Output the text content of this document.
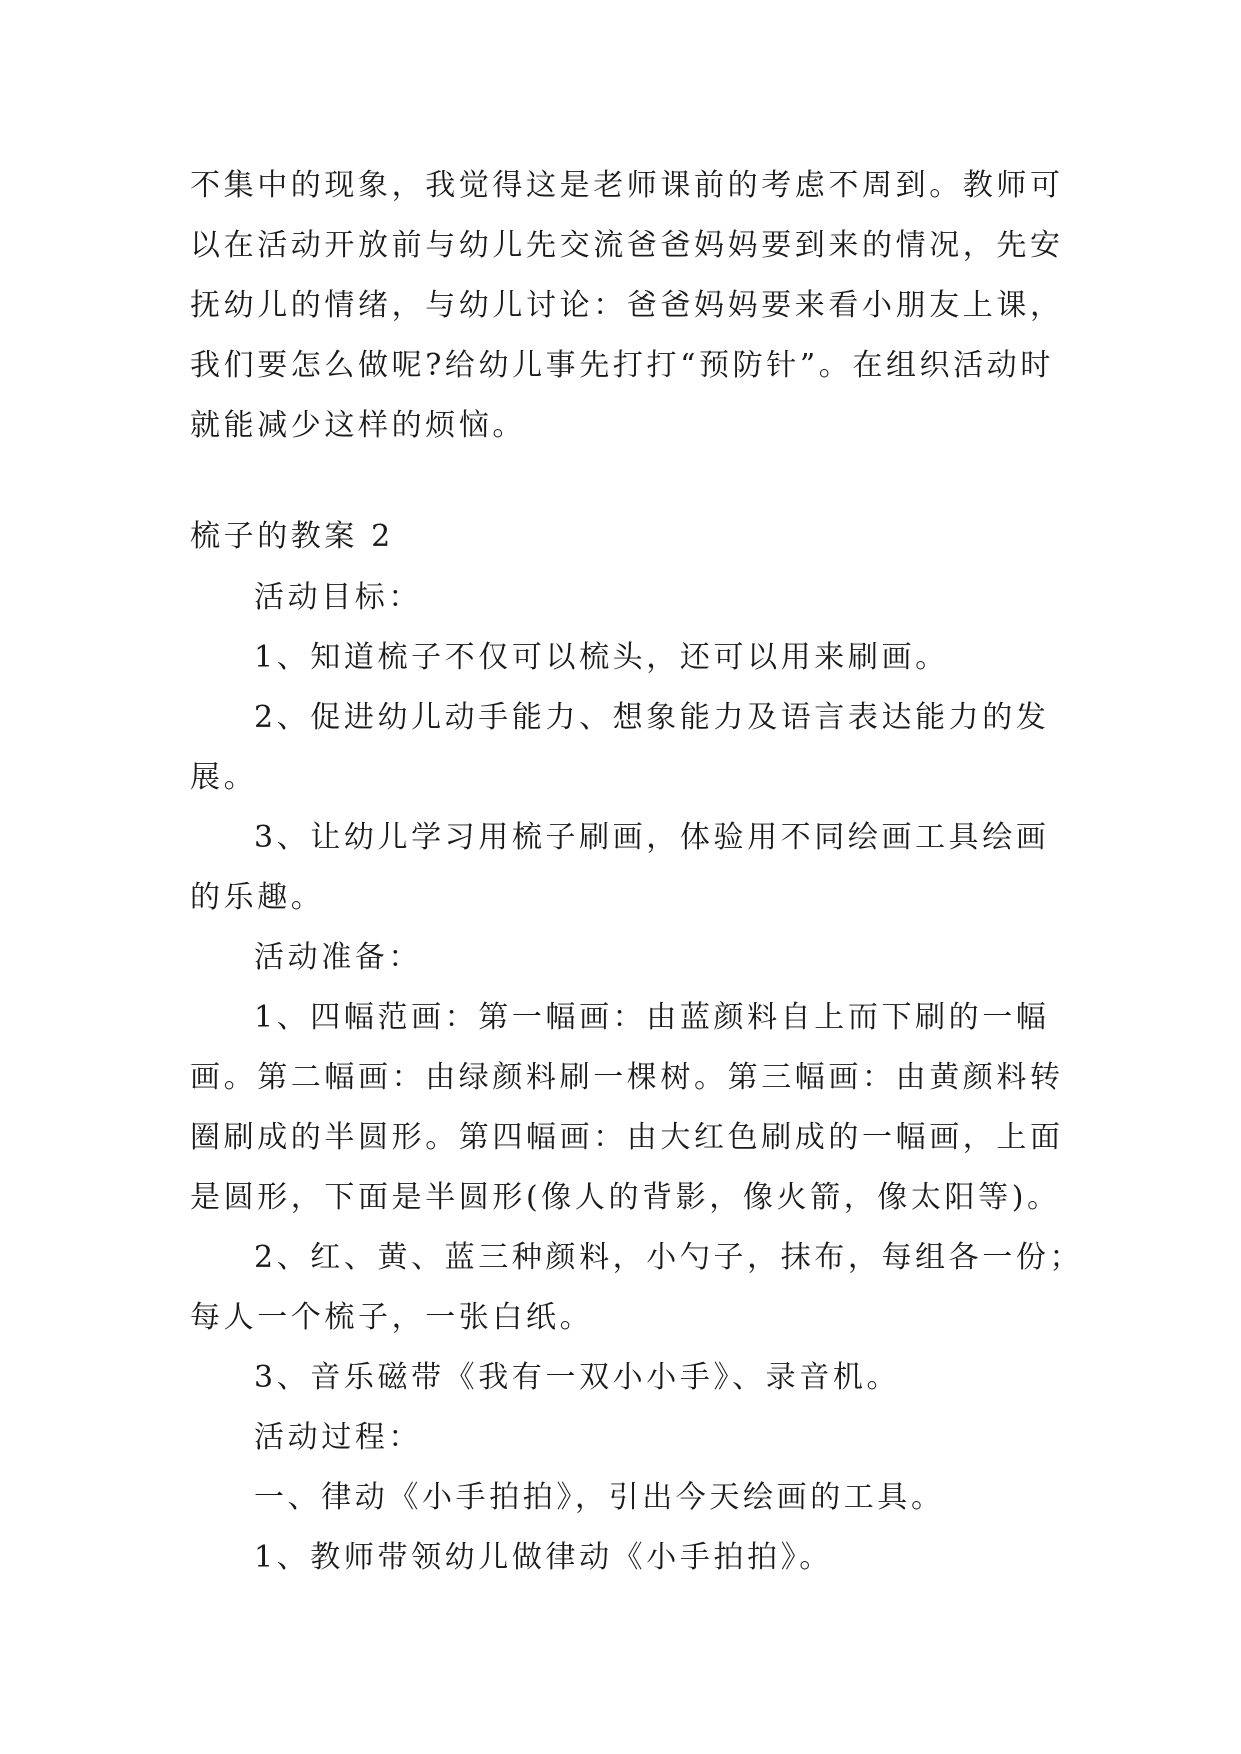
不集中的现象，我觉得这是老师课前的考虑不周到。教师可
以在活动开放前与幼儿先交流爸爸妈妈要到来的情况，先安
抚幼儿的情绪，与幼儿讨论：爸爸妈妈要来看小朋友上课，
我们要怎么做呢?给幼儿事先打打“预防针”。在组织活动时
就能减少这样的烦恼。
梳子的教案 2
活动目标：
1、知道梳子不仅可以梳头，还可以用来刷画。
2、促进幼儿动手能力、想象能力及语言表达能力的发
展。
3、让幼儿学习用梳子刷画，体验用不同绘画工具绘画
的乐趣。
活动准备：
1、四幅范画：第一幅画：由蓝颜料自上而下刷的一幅
画。第二幅画：由绿颜料刷一棵树。第三幅画：由黄颜料转
圈刷成的半圆形。第四幅画：由大红色刷成的一幅画，上面
是圆形，下面是半圆形(像人的背影，像火箭，像太阳等)。
2、红、黄、蓝三种颜料，小勺子，抹布，每组各一份；
每人一个梳子，一张白纸。
3、音乐磁带《我有一双小小手》、录音机。
活动过程：
一、律动《小手拍拍》，引出今天绘画的工具。
1、教师带领幼儿做律动《小手拍拍》。
